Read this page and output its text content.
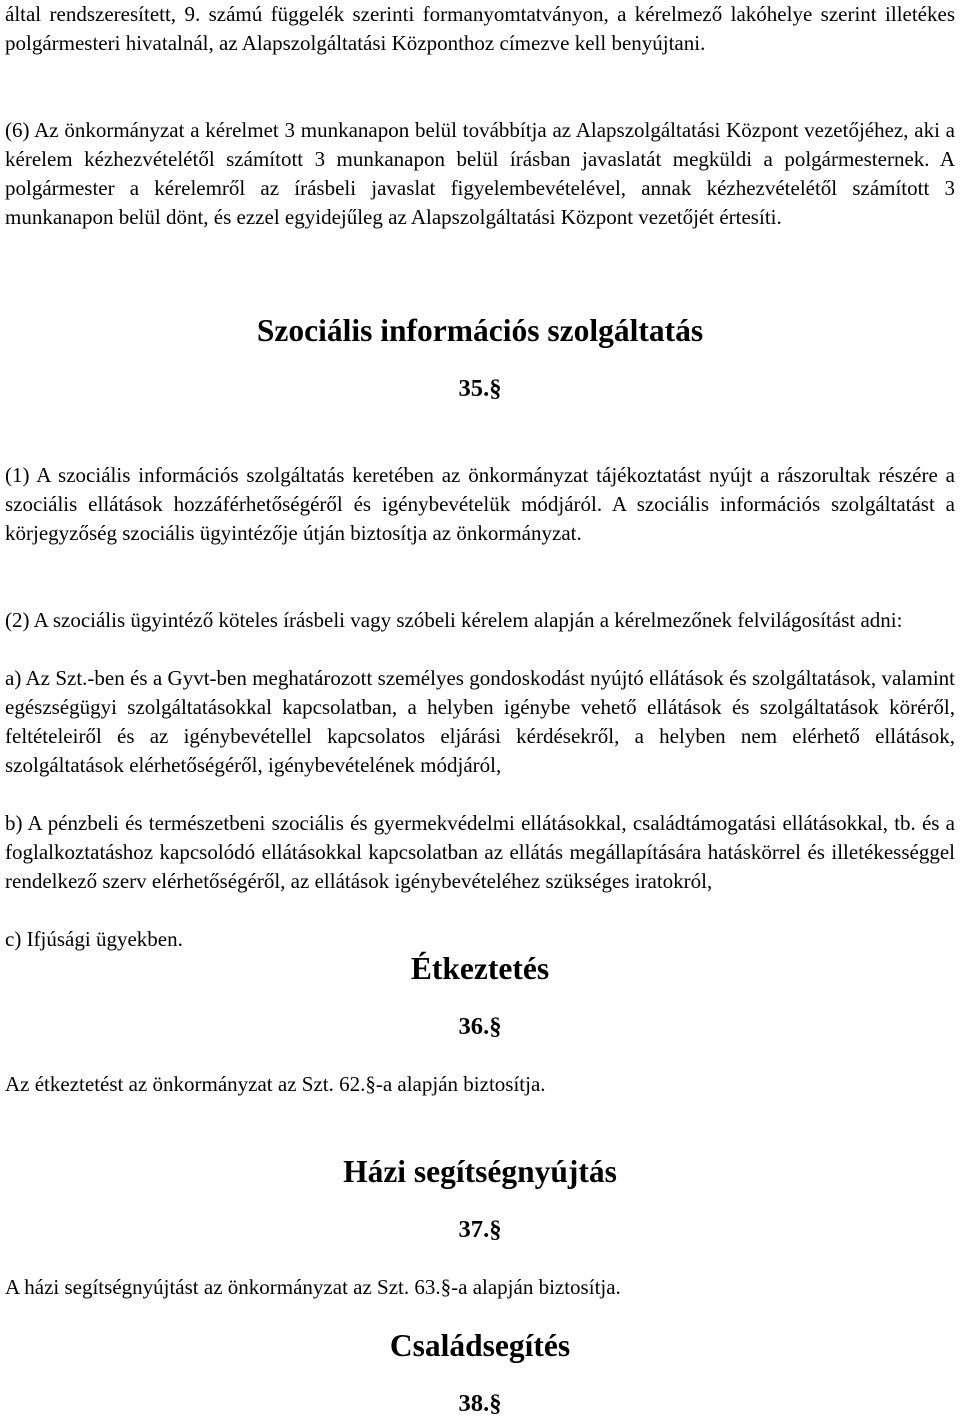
által rendszeresített, 9. számú függelék szerinti formanyomtatványon, a kérelmező lakóhelye szerint illetékes polgármesteri hivatalnál, az Alapszolgáltatási Központhoz címezve kell benyújtani.

(6) Az önkormányzat a kérelmet 3 munkanapon belül továbbítja az Alapszolgáltatási Központ vezetőjéhez, aki a kérelem kézhezvételétől számított 3 munkanapon belül írásban javaslatát megküldi a polgármesternek. A polgármester a kérelemről az írásbeli javaslat figyelembevételével, annak kézhezvételétől számított 3 munkanapon belül dönt, és ezzel egyidejűleg az Alapszolgáltatási Központ vezetőjét értesíti.

Szociális információs szolgáltatás
35.§

(1) A szociális információs szolgáltatás keretében az önkormányzat tájékoztatást nyújt a rászorultak részére a szociális ellátások hozzáférhetőségéről és igénybevételük módjáról. A szociális információs szolgáltatást a körjegyzőség szociális ügyintézője útján biztosítja az önkormányzat.

(2) A szociális ügyintéző köteles írásbeli vagy szóbeli kérelem alapján a kérelmezőnek felvilágosítást adni:

a) Az Szt.-ben és a Gyvt-ben meghatározott személyes gondoskodást nyújtó ellátások és szolgáltatások, valamint egészségügyi szolgáltatásokkal kapcsolatban, a helyben igénybe vehető ellátások és szolgáltatások köréről, feltételeiről és az igénybevétellel kapcsolatos eljárási kérdésekről, a helyben nem elérhető ellátások, szolgáltatások elérhetőségéről, igénybevételének módjáról,

b) A pénzbeli és természetbeni szociális és gyermekvédelmi ellátásokkal, családtámogatási ellátásokkal, tb. és a foglalkoztatáshoz kapcsolódó ellátásokkal kapcsolatban az ellátás megállapítására hatáskörrel és illetékességgel rendelkező szerv elérhetőségéről, az ellátások igénybevételéhez szükséges iratokról,

c) Ifjúsági ügyekben.

Étkeztetés
36.§

Az étkeztetést az önkormányzat az Szt. 62.§-a alapján biztosítja.

Házi segítségnyújtás
37.§

A házi segítségnyújtást az önkormányzat az Szt. 63.§-a alapján biztosítja.

Családsegítés
38.§
